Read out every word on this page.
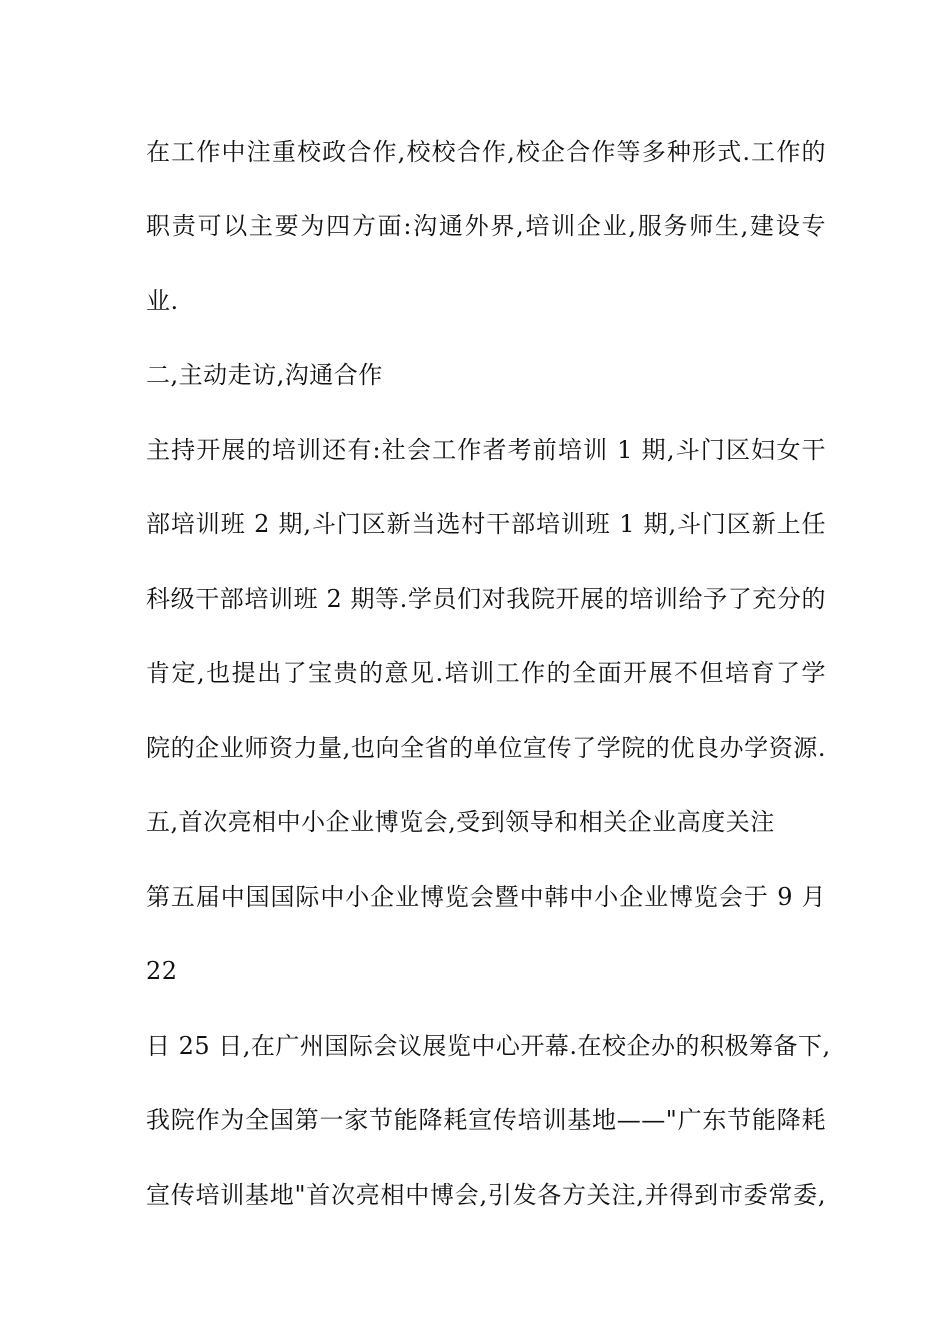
在工作中注重校政合作,校校合作,校企合作等多种形式.工作的
职责可以主要为四方面:沟通外界,培训企业,服务师生,建设专
业.
二,主动走访,沟通合作
主持开展的培训还有:社会工作者考前培训 1 期,斗门区妇女干
部培训班 2 期,斗门区新当选村干部培训班 1 期,斗门区新上任
科级干部培训班 2 期等.学员们对我院开展的培训给予了充分的
肯定,也提出了宝贵的意见.培训工作的全面开展不但培育了学
院的企业师资力量,也向全省的单位宣传了学院的优良办学资源.
五,首次亮相中小企业博览会,受到领导和相关企业高度关注
第五届中国国际中小企业博览会暨中韩中小企业博览会于 9 月
22
日 25 日,在广州国际会议展览中心开幕.在校企办的积极筹备下,
我院作为全国第一家节能降耗宣传培训基地——"广东节能降耗
宣传培训基地"首次亮相中博会,引发各方关注,并得到市委常委,
